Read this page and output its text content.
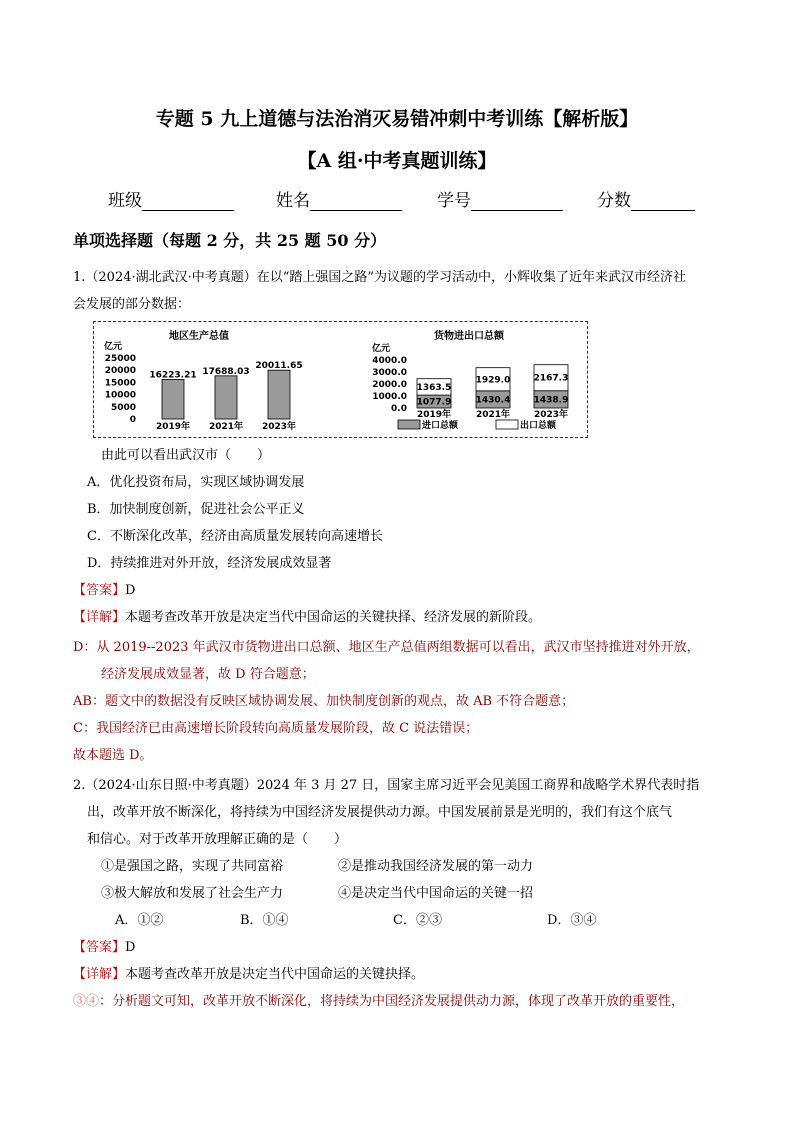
专题 5 九上道德与法治消灭易错冲刺中考训练【解析版】
【A 组·中考真题训练】
班级	姓名	学号	分数
单项选择题（每题 2 分，共 25 题 50 分）
1.（2024·湖北武汉·中考真题）在以“踏上强国之路”为议题的学习活动中，小辉收集了近年来武汉市经济社
会发展的部分数据：
地区生产总值
亿元
25000
20000
15000
10000
5000
0
16223.21
2019年
17688.03
2021年
20011.65
2023年
货物进出口总额
亿元
4000.0
3000.0
2000.0
1000.0
0.0
1077.9
1363.5
2019年
1430.4
1929.0
2021年
1438.9
2167.3
2023年
进口总额	出口总额
由此可以看出武汉市（　　）
A．优化投资布局，实现区域协调发展
B．加快制度创新，促进社会公平正义
C．不断深化改革，经济由高质量发展转向高速增长
D．持续推进对外开放，经济发展成效显著
【答案】D
【详解】本题考查改革开放是决定当代中国命运的关键抉择、经济发展的新阶段。
D：从 2019--2023 年武汉市货物进出口总额、地区生产总值两组数据可以看出，武汉市坚持推进对外开放，
经济发展成效显著，故 D 符合题意；
AB：题文中的数据没有反映区域协调发展、加快制度创新的观点，故 AB 不符合题意；
C：我国经济已由高速增长阶段转向高质量发展阶段，故 C 说法错误；
故本题选 D。
2.（2024·山东日照·中考真题）2024 年 3 月 27 日，国家主席习近平会见美国工商界和战略学术界代表时指
出，改革开放不断深化，将持续为中国经济发展提供动力源。中国发展前景是光明的，我们有这个底气
和信心。对于改革开放理解正确的是（　　）
①是强国之路，实现了共同富裕	②是推动我国经济发展的第一动力
③极大解放和发展了社会生产力	④是决定当代中国命运的关键一招
A．①②	B．①④	C．②③	D．③④
【答案】D
【详解】本题考查改革开放是决定当代中国命运的关键抉择。
③④：分析题文可知，改革开放不断深化，将持续为中国经济发展提供动力源，体现了改革开放的重要性，
